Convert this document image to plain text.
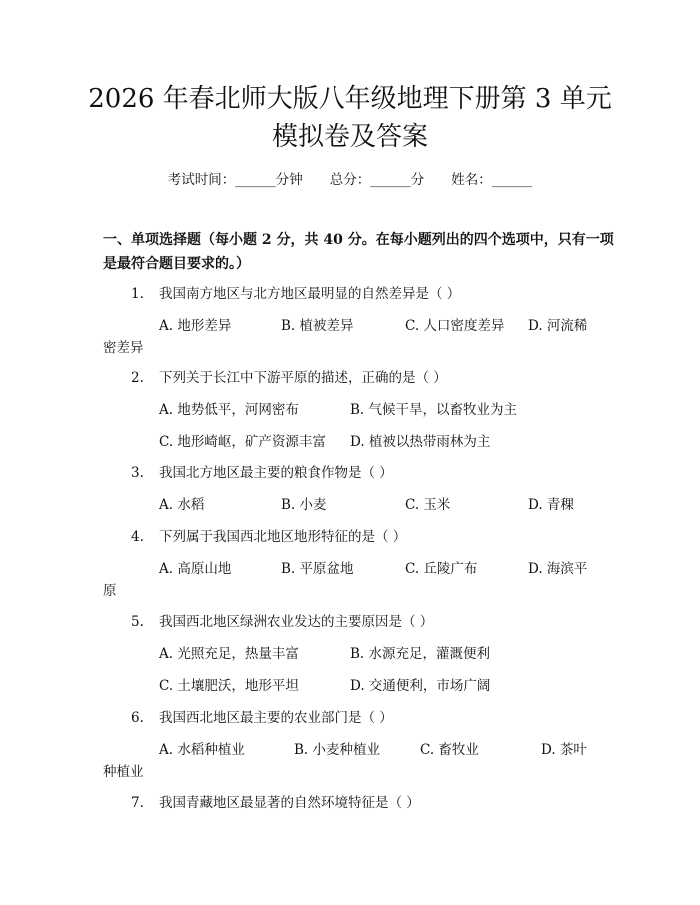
2026 年春北师大版八年级地理下册第 3 单元
模拟卷及答案
考试时间：______分钟　　总分：______分　　姓名：______
一、单项选择题（每小题 2 分，共 40 分。在每小题列出的四个选项中，只有一项
是最符合题目要求的。）
1. 我国南方地区与北方地区最明显的自然差异是（ ）
A. 地形差异	B. 植被差异	C. 人口密度差异 D. 河流稀
密差异
2. 下列关于长江中下游平原的描述，正确的是（ ）
A. 地势低平，河网密布	B. 气候干旱，以畜牧业为主
C. 地形崎岖，矿产资源丰富 D. 植被以热带雨林为主
3. 我国北方地区最主要的粮食作物是（ ）
A. 水稻	B. 小麦	C. 玉米	D. 青稞
4. 下列属于我国西北地区地形特征的是（ ）
A. 高原山地	B. 平原盆地	C. 丘陵广布	D. 海滨平
原
5. 我国西北地区绿洲农业发达的主要原因是（ ）
A. 光照充足，热量丰富	B. 水源充足，灌溉便利
C. 土壤肥沃，地形平坦	D. 交通便利，市场广阔
6. 我国西北地区最主要的农业部门是（ ）
A. 水稻种植业	B. 小麦种植业	C. 畜牧业	D. 茶叶
种植业
7. 我国青藏地区最显著的自然环境特征是（ ）
